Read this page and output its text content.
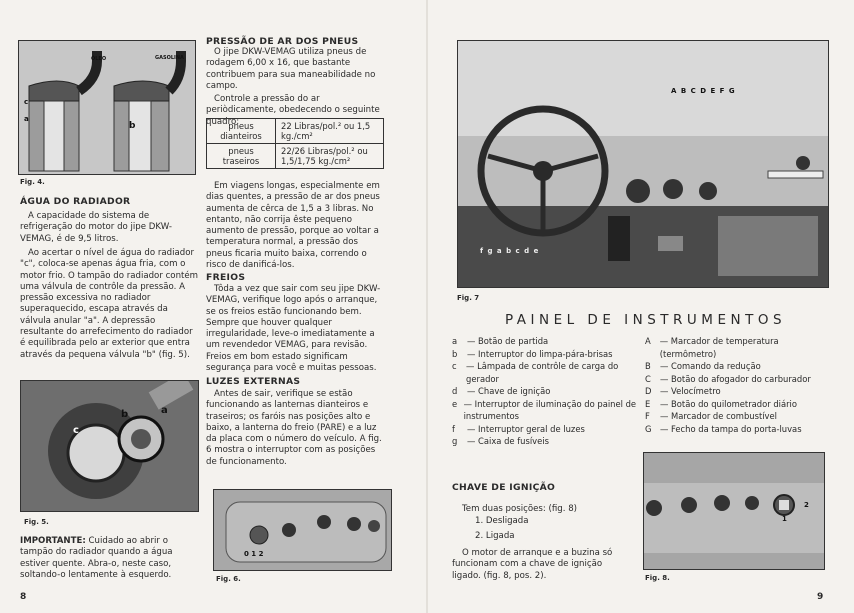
ÓLEO	GASOLINA
c
a
b
Fig. 4.
ÁGUA DO RADIADOR
A capacidade do sistema de refrigeração do motor do jipe DKW-VEMAG, é de 9,5 litros.
Ao acertar o nível de água do radiador "c", coloca-se apenas água fria, com o motor frio. O tampão do radiador contém uma válvula de contrôle da pressão. A pressão excessiva no radiador superaquecido, escapa através da válvula anular "a". A depressão resultante do arrefecimento do radiador é equilibrada pelo ar exterior que entra através da pequena válvula "b" (fig. 5).
c
b	a
Fig. 5.
IMPORTANTE: Cuidado ao abrir o tampão do radiador quando a água estiver quente. Abra-o, neste caso, soltando-o lentamente à esquerdo.
8
PRESSÃO DE AR DOS PNEUS
O jipe DKW-VEMAG utiliza pneus de rodagem 6,00 x 16, que bastante contribuem para sua maneabilidade no campo.
Controle a pressão do ar periòdicamente, obedecendo o seguinte quadro:
pneus dianteiros	22 Libras/pol.² ou 1,5 kg./cm²
pneus traseiros	22/26 Libras/pol.² ou 1,5/1,75 kg./cm²
Em viagens longas, especialmente em dias quentes, a pressão de ar dos pneus aumenta de cêrca de 1,5 a 3 libras. No entanto, não corrija êste pequeno aumento de pressão, porque ao voltar a temperatura normal, a pressão dos pneus ficaria muito baixa, correndo o risco de danificá-los.
FREIOS
Tôda a vez que sair com seu jipe DKW-VEMAG, verifique logo após o arranque, se os freios estão funcionando bem. Sempre que houver qualquer irregularidade, leve-o imediatamente a um revendedor VEMAG, para revisão. Freios em bom estado significam segurança para você e muitas pessoas.
LUZES EXTERNAS
Antes de sair, verifique se estão funcionando as lanternas dianteiros e traseiros; os faróis nas posições alto e baixo, a lanterna do freio (PARE) e a luz da placa com o número do veículo. A fig. 6 mostra o interruptor com as posições de funcionamento.
0 1 2
Fig. 6.
A B C D E F G
f g a b c d e
Fig. 7
PAINEL DE INSTRUMENTOS
a	— Botão de partida
b	— Interruptor do limpa-pára-brisas
c	— Lâmpada de contrôle de carga do gerador
d	— Chave de ignição
e — Interruptor de iluminação do painel de instrumentos
f	— Interruptor geral de luzes
g	— Caixa de fusíveis
A	— Marcador de temperatura (termômetro)
B	— Comando da redução
C	— Botão do afogador do carburador
D	— Velocímetro
E	— Botão do quilometrador diário
F	— Marcador de combustível
G	— Fecho da tampa do porta-luvas
CHAVE DE IGNIÇÃO
Tem duas posições: (fig. 8)
1. Desligada
2. Ligada
O motor de arranque e a buzina só funcionam com a chave de ignição ligado. (fig. 8, pos. 2).
1
2
Fig. 8.
9
